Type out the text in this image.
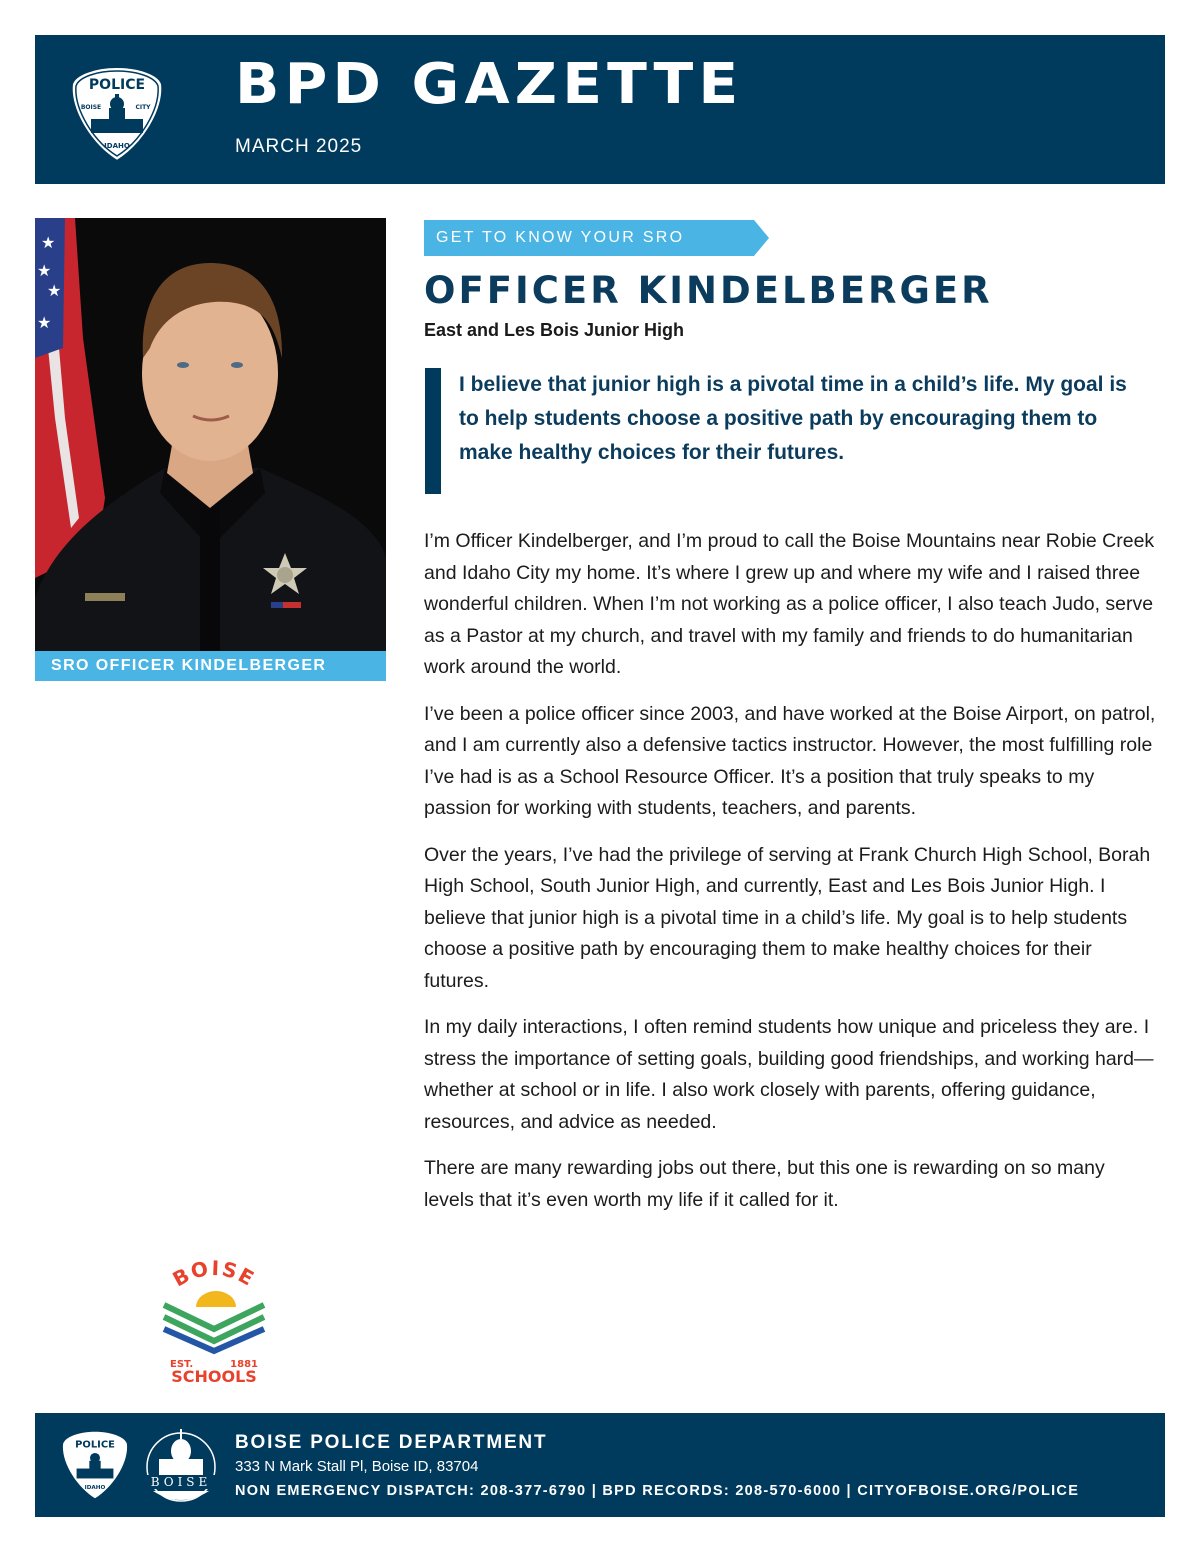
POLICE
BOISE	CITY
IDAHO
BPD GAZETTE
MARCH 2025
★
★
★
★
SRO OFFICER KINDELBERGER
GET TO KNOW YOUR SRO
OFFICER KINDELBERGER
East and Les Bois Junior High
I believe that junior high is a pivotal time in a child’s life. My goal is to help students choose a positive path by encouraging them to make healthy choices for their futures.

I’m Officer Kindelberger, and I’m proud to call the Boise Mountains near Robie Creek and Idaho City my home. It’s where I grew up and where my wife and I raised three wonderful children. When I’m not working as a police officer, I also teach Judo, serve as a Pastor at my church, and travel with my family and friends to do humanitarian work around the world.

I’ve been a police officer since 2003, and have worked at the Boise Airport, on patrol, and I am currently also a defensive tactics instructor. However, the most fulfilling role I’ve had is as a School Resource Officer. It’s a position that truly speaks to my passion for working with students, teachers, and parents.

Over the years, I’ve had the privilege of serving at Frank Church High School, Borah High School, South Junior High, and currently, East and Les Bois Junior High. I believe that junior high is a pivotal time in a child’s life. My goal is to help students choose a positive path by encouraging them to make healthy choices for their futures.

In my daily interactions, I often remind students how unique and priceless they are. I stress the importance of setting goals, building good friendships, and working hard—whether at school or in life. I also work closely with parents, offering guidance, resources, and advice as needed.

There are many rewarding jobs out there, but this one is rewarding on so many levels that it’s even worth my life if it called for it.

BOISE
EST.	1881
SCHOOLS
POLICE
IDAHO	BOISE
BOISE POLICE DEPARTMENT
333 N Mark Stall Pl, Boise ID, 83704
NON EMERGENCY DISPATCH: 208-377-6790 | BPD RECORDS: 208-570-6000 | CITYOFBOISE.ORG/POLICE
